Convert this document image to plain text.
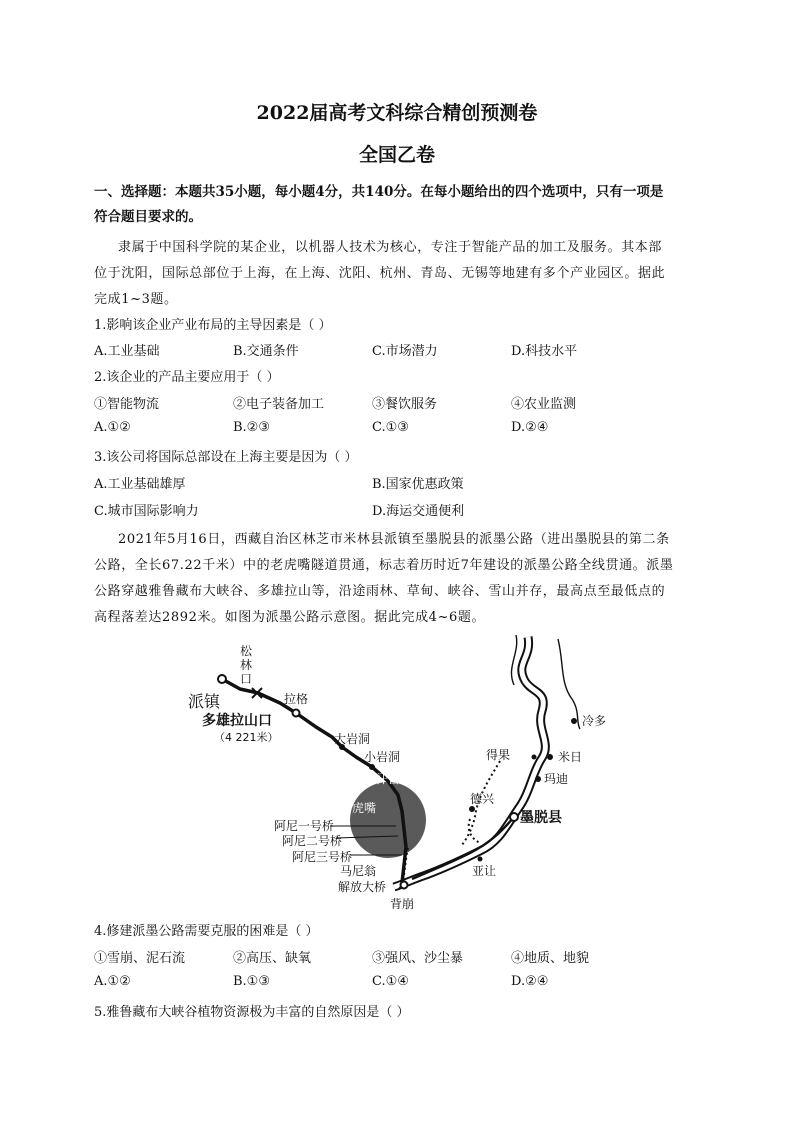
2022届高考文科综合精创预测卷
全国乙卷
一、选择题：本题共35小题，每小题4分，共140分。在每小题给出的四个选项中，只有一项是
符合题目要求的。
隶属于中国科学院的某企业，以机器人技术为核心，专注于智能产品的加工及服务。其本部
位于沈阳，国际总部位于上海，在上海、沈阳、杭州、青岛、无锡等地建有多个产业园区。据此
完成1~3题。
1.影响该企业产业布局的主导因素是（ ）
A.工业基础	B.交通条件	C.市场潜力	D.科技水平
2.该企业的产品主要应用于（ ）
①智能物流	②电子装备加工	③餐饮服务	④农业监测
A.①②	B.②③	C.①③	D.②④
3.该公司将国际总部设在上海主要是因为（ ）
A.工业基础雄厚	B.国家优惠政策
C.城市国际影响力	D.海运交通便利
2021年5月16日，西藏自治区林芝市米林县派镇至墨脱县的派墨公路（进出墨脱县的第二条
公路，全长67.22千米）中的老虎嘴隧道贯通，标志着历时近7年建设的派墨公路全线贯通。派墨
公路穿越雅鲁藏布大峡谷、多雄拉山等，沿途雨林、草甸、峡谷、雪山并存，最高点至最低点的
高程落差达2892米。如图为派墨公路示意图。据此完成4~6题。
松
林
口
派镇
多雄拉山口
（4 221米）
拉格
大岩洞
小岩洞
汗密
老虎嘴
阿尼一号桥
阿尼二号桥
阿尼三号桥
马尼翁
解放大桥
背崩
亚让
德兴
墨脱县
得果	米日
玛迪
冷多
4.修建派墨公路需要克服的困难是（ ）
①雪崩、泥石流	②高压、缺氧	③强风、沙尘暴	④地质、地貌
A.①②	B.①③	C.①④	D.②④
5.雅鲁藏布大峡谷植物资源极为丰富的自然原因是（ ）
